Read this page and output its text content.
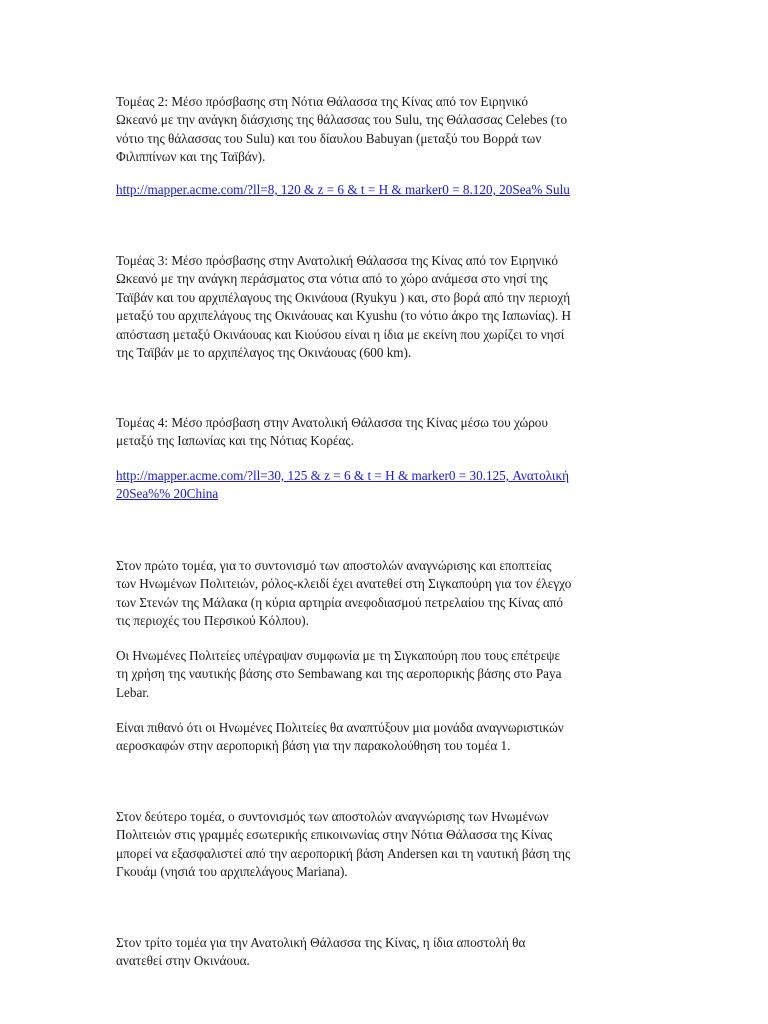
Τομέας 2: Μέσο πρόσβασης στη Νότια Θάλασσα της Κίνας από τον Ειρηνικό
Ωκεανό με την ανάγκη διάσχισης της θάλασσας του Sulu, της Θάλασσας Celebes (το
νότιο της θάλασσας του Sulu) και του δίαυλου Babuyan (μεταξύ του Βορρά των
Φιλιππίνων και της Ταϊβάν).

http://mapper.acme.com/?ll=8, 120 & z = 6 & t = H & marker0 = 8.120, 20Sea% Sulu

Τομέας 3: Μέσο πρόσβασης στην Ανατολική Θάλασσα της Κίνας από τον Ειρηνικό
Ωκεανό με την ανάγκη περάσματος στα νότια από το χώρο ανάμεσα στο νησί της
Ταϊβάν και του αρχιπέλαγους της Οκινάουα (Ryukyu ) και, στο βορά από την περιοχή
μεταξύ του αρχιπελάγους της Οκινάουας και Kyushu (το νότιο άκρο της Ιαπωνίας). Η
απόσταση μεταξύ Οκινάουας και Κιούσου είναι η ίδια με εκείνη που χωρίζει το νησί
της Ταϊβάν με το αρχιπέλαγος της Οκινάουας (600 km).

Τομέας 4: Μέσο πρόσβαση στην Ανατολική Θάλασσα της Κίνας μέσω του χώρου
μεταξύ της Ιαπωνίας και της Νότιας Κορέας.

http://mapper.acme.com/?ll=30, 125 & z = 6 & t = H & marker0 = 30.125, Ανατολική
20Sea%% 20China

Στον πρώτο τομέα, για το συντονισμό των αποστολών αναγνώρισης και εποπτείας
των Ηνωμένων Πολιτειών, ρόλος-κλειδί έχει ανατεθεί στη Σιγκαπούρη για τον έλεγχο
των Στενών της Μάλακα (η κύρια αρτηρία ανεφοδιασμού πετρελαίου της Κίνας από
τις περιοχές του Περσικού Κόλπου).

Οι Ηνωμένες Πολιτείες υπέγραψαν συμφωνία με τη Σιγκαπούρη που τους επέτρεψε
τη χρήση της ναυτικής βάσης στο Sembawang και της αεροπορικής βάσης στο Paya
Lebar.

Είναι πιθανό ότι οι Ηνωμένες Πολιτείες θα αναπτύξουν μια μονάδα αναγνωριστικών
αεροσκαφών στην αεροπορική βάση για την παρακολούθηση του τομέα 1.

Στον δεύτερο τομέα, ο συντονισμός των αποστολών αναγνώρισης των Ηνωμένων
Πολιτειών στις γραμμές εσωτερικής επικοινωνίας στην Νότια Θάλασσα της Κίνας
μπορεί να εξασφαλιστεί από την αεροπορική βάση Andersen και τη ναυτική βάση της
Γκουάμ (νησιά του αρχιπελάγους Mariana).

Στον τρίτο τομέα για την Ανατολική Θάλασσα της Κίνας, η ίδια αποστολή θα
ανατεθεί στην Οκινάουα.
